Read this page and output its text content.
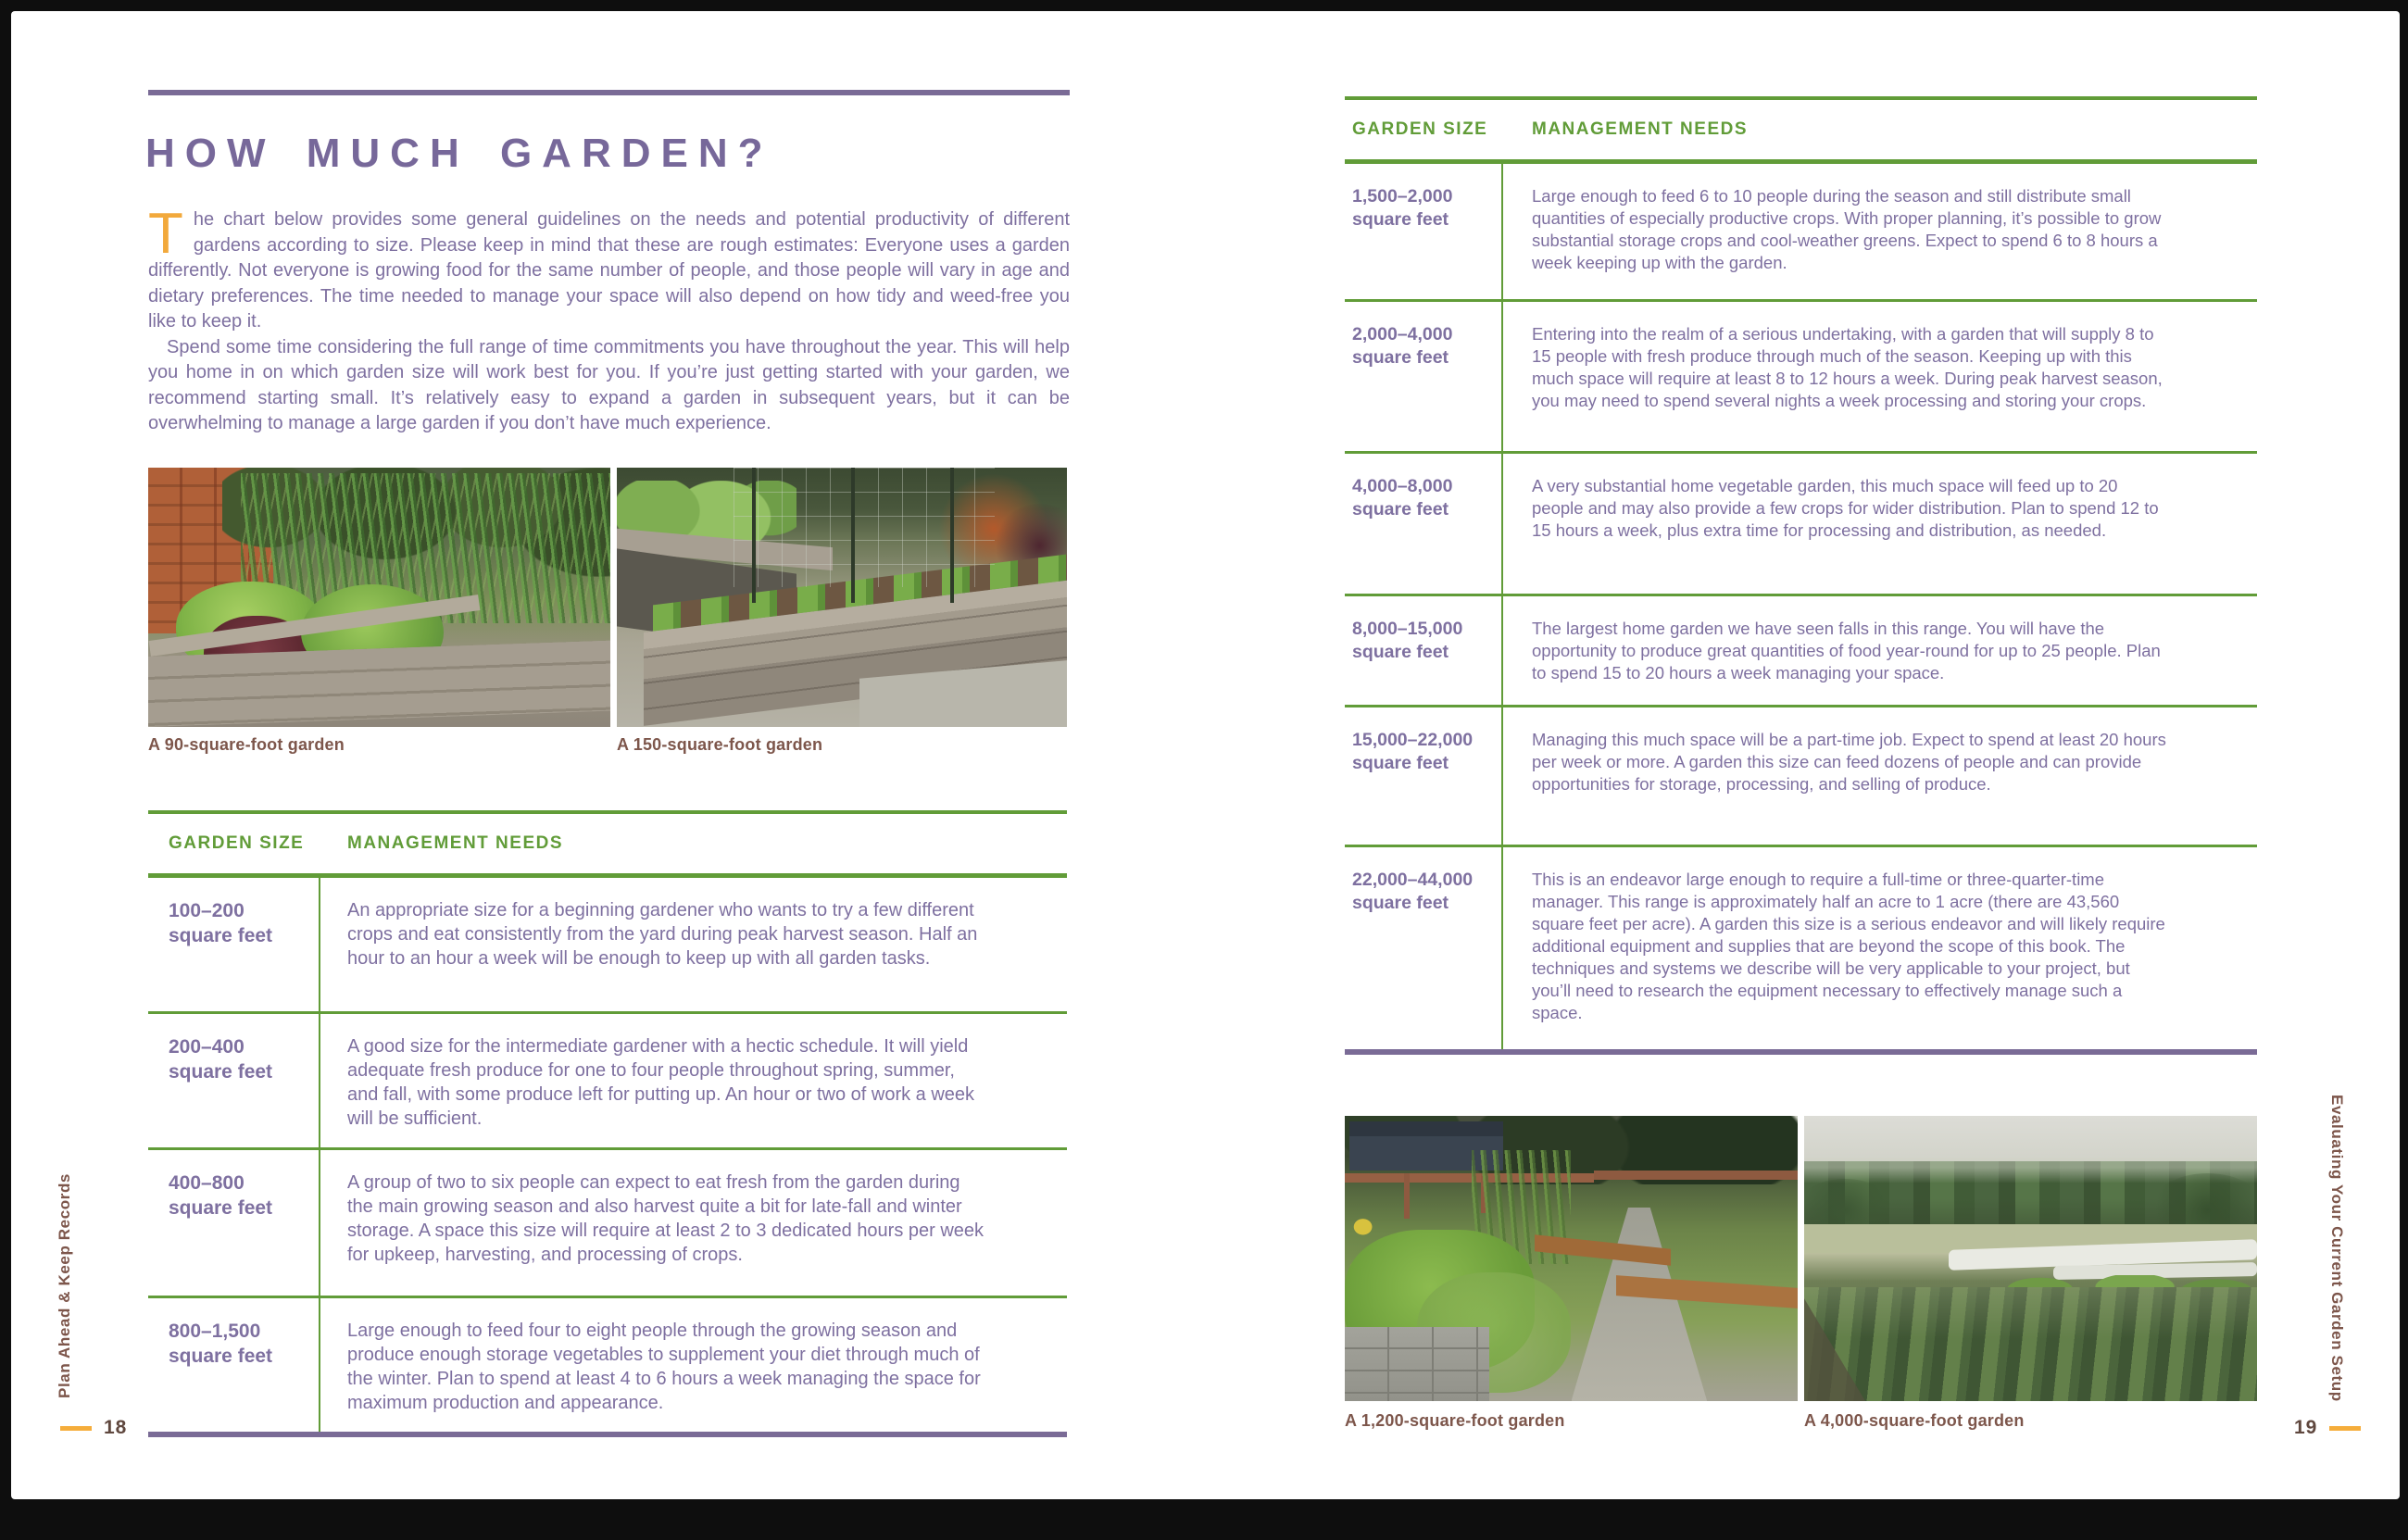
HOW MUCH GARDEN?

The chart below provides some general guidelines on the needs and potential productivity of different gardens according to size. Please keep in mind that these are rough estimates: Everyone uses a garden differently. Not everyone is growing food for the same number of people, and those people will vary in age and dietary preferences. The time needed to manage your space will also depend on how tidy and weed-free you like to keep it.

Spend some time considering the full range of time commitments you have throughout the year. This will help you home in on which garden size will work best for you. If you’re just getting started with your garden, we recommend starting small. It’s relatively easy to expand a garden in subsequent years, but it can be overwhelming to manage a large garden if you don’t have much experience.

A 90-square-foot garden	A 150-square-foot garden
GARDEN SIZE	MANAGEMENT NEEDS
100–200
square feet
An appropriate size for a beginning gardener who wants to try a few different crops and eat consistently from the yard during peak harvest season. Half an hour to an hour a week will be enough to keep up with all garden tasks.
200–400
square feet
A good size for the intermediate gardener with a hectic schedule. It will yield adequate fresh produce for one to four people throughout spring, summer, and fall, with some produce left for putting up. An hour or two of work a week will be sufficient.
400–800
square feet
A group of two to six people can expect to eat fresh from the garden during the main growing season and also harvest quite a bit for late-fall and winter storage. A space this size will require at least 2 to 3 dedicated hours per week for upkeep, harvesting, and processing of crops.
800–1,500
square feet
Large enough to feed four to eight people through the growing season and produce enough storage vegetables to supplement your diet through much of the winter. Plan to spend at least 4 to 6 hours a week managing the space for maximum production and appearance.
GARDEN SIZE	MANAGEMENT NEEDS
1,500–2,000
square feet
Large enough to feed 6 to 10 people during the season and still distribute small quantities of especially productive crops. With proper planning, it’s possible to grow substantial storage crops and cool-weather greens. Expect to spend 6 to 8 hours a week keeping up with the garden.
2,000–4,000
square feet
Entering into the realm of a serious undertaking, with a garden that will supply 8 to 15 people with fresh produce through much of the season. Keeping up with this much space will require at least 8 to 12 hours a week. During peak harvest season, you may need to spend several nights a week processing and storing your crops.
4,000–8,000
square feet
A very substantial home vegetable garden, this much space will feed up to 20 people and may also provide a few crops for wider distribution. Plan to spend 12 to 15 hours a week, plus extra time for processing and distribution, as needed.
8,000–15,000
square feet
The largest home garden we have seen falls in this range. You will have the opportunity to produce great quantities of food year-round for up to 25 people. Plan to spend 15 to 20 hours a week managing your space.
15,000–22,000
square feet
Managing this much space will be a part-time job. Expect to spend at least 20 hours per week or more. A garden this size can feed dozens of people and can provide opportunities for storage, processing, and selling of produce.
22,000–44,000
square feet
This is an endeavor large enough to require a full-time or three-quarter-time manager. This range is approximately half an acre to 1 acre (there are 43,560 square feet per acre). A garden this size is a serious endeavor and will likely require additional equipment and supplies that are beyond the scope of this book. The techniques and systems we describe will be very applicable to your project, but you’ll need to research the equipment necessary to effectively manage such a space.
A 1,200-square-foot garden	A 4,000-square-foot garden
Plan Ahead & Keep Records	Evaluating Your Current Garden Setup
18	19
